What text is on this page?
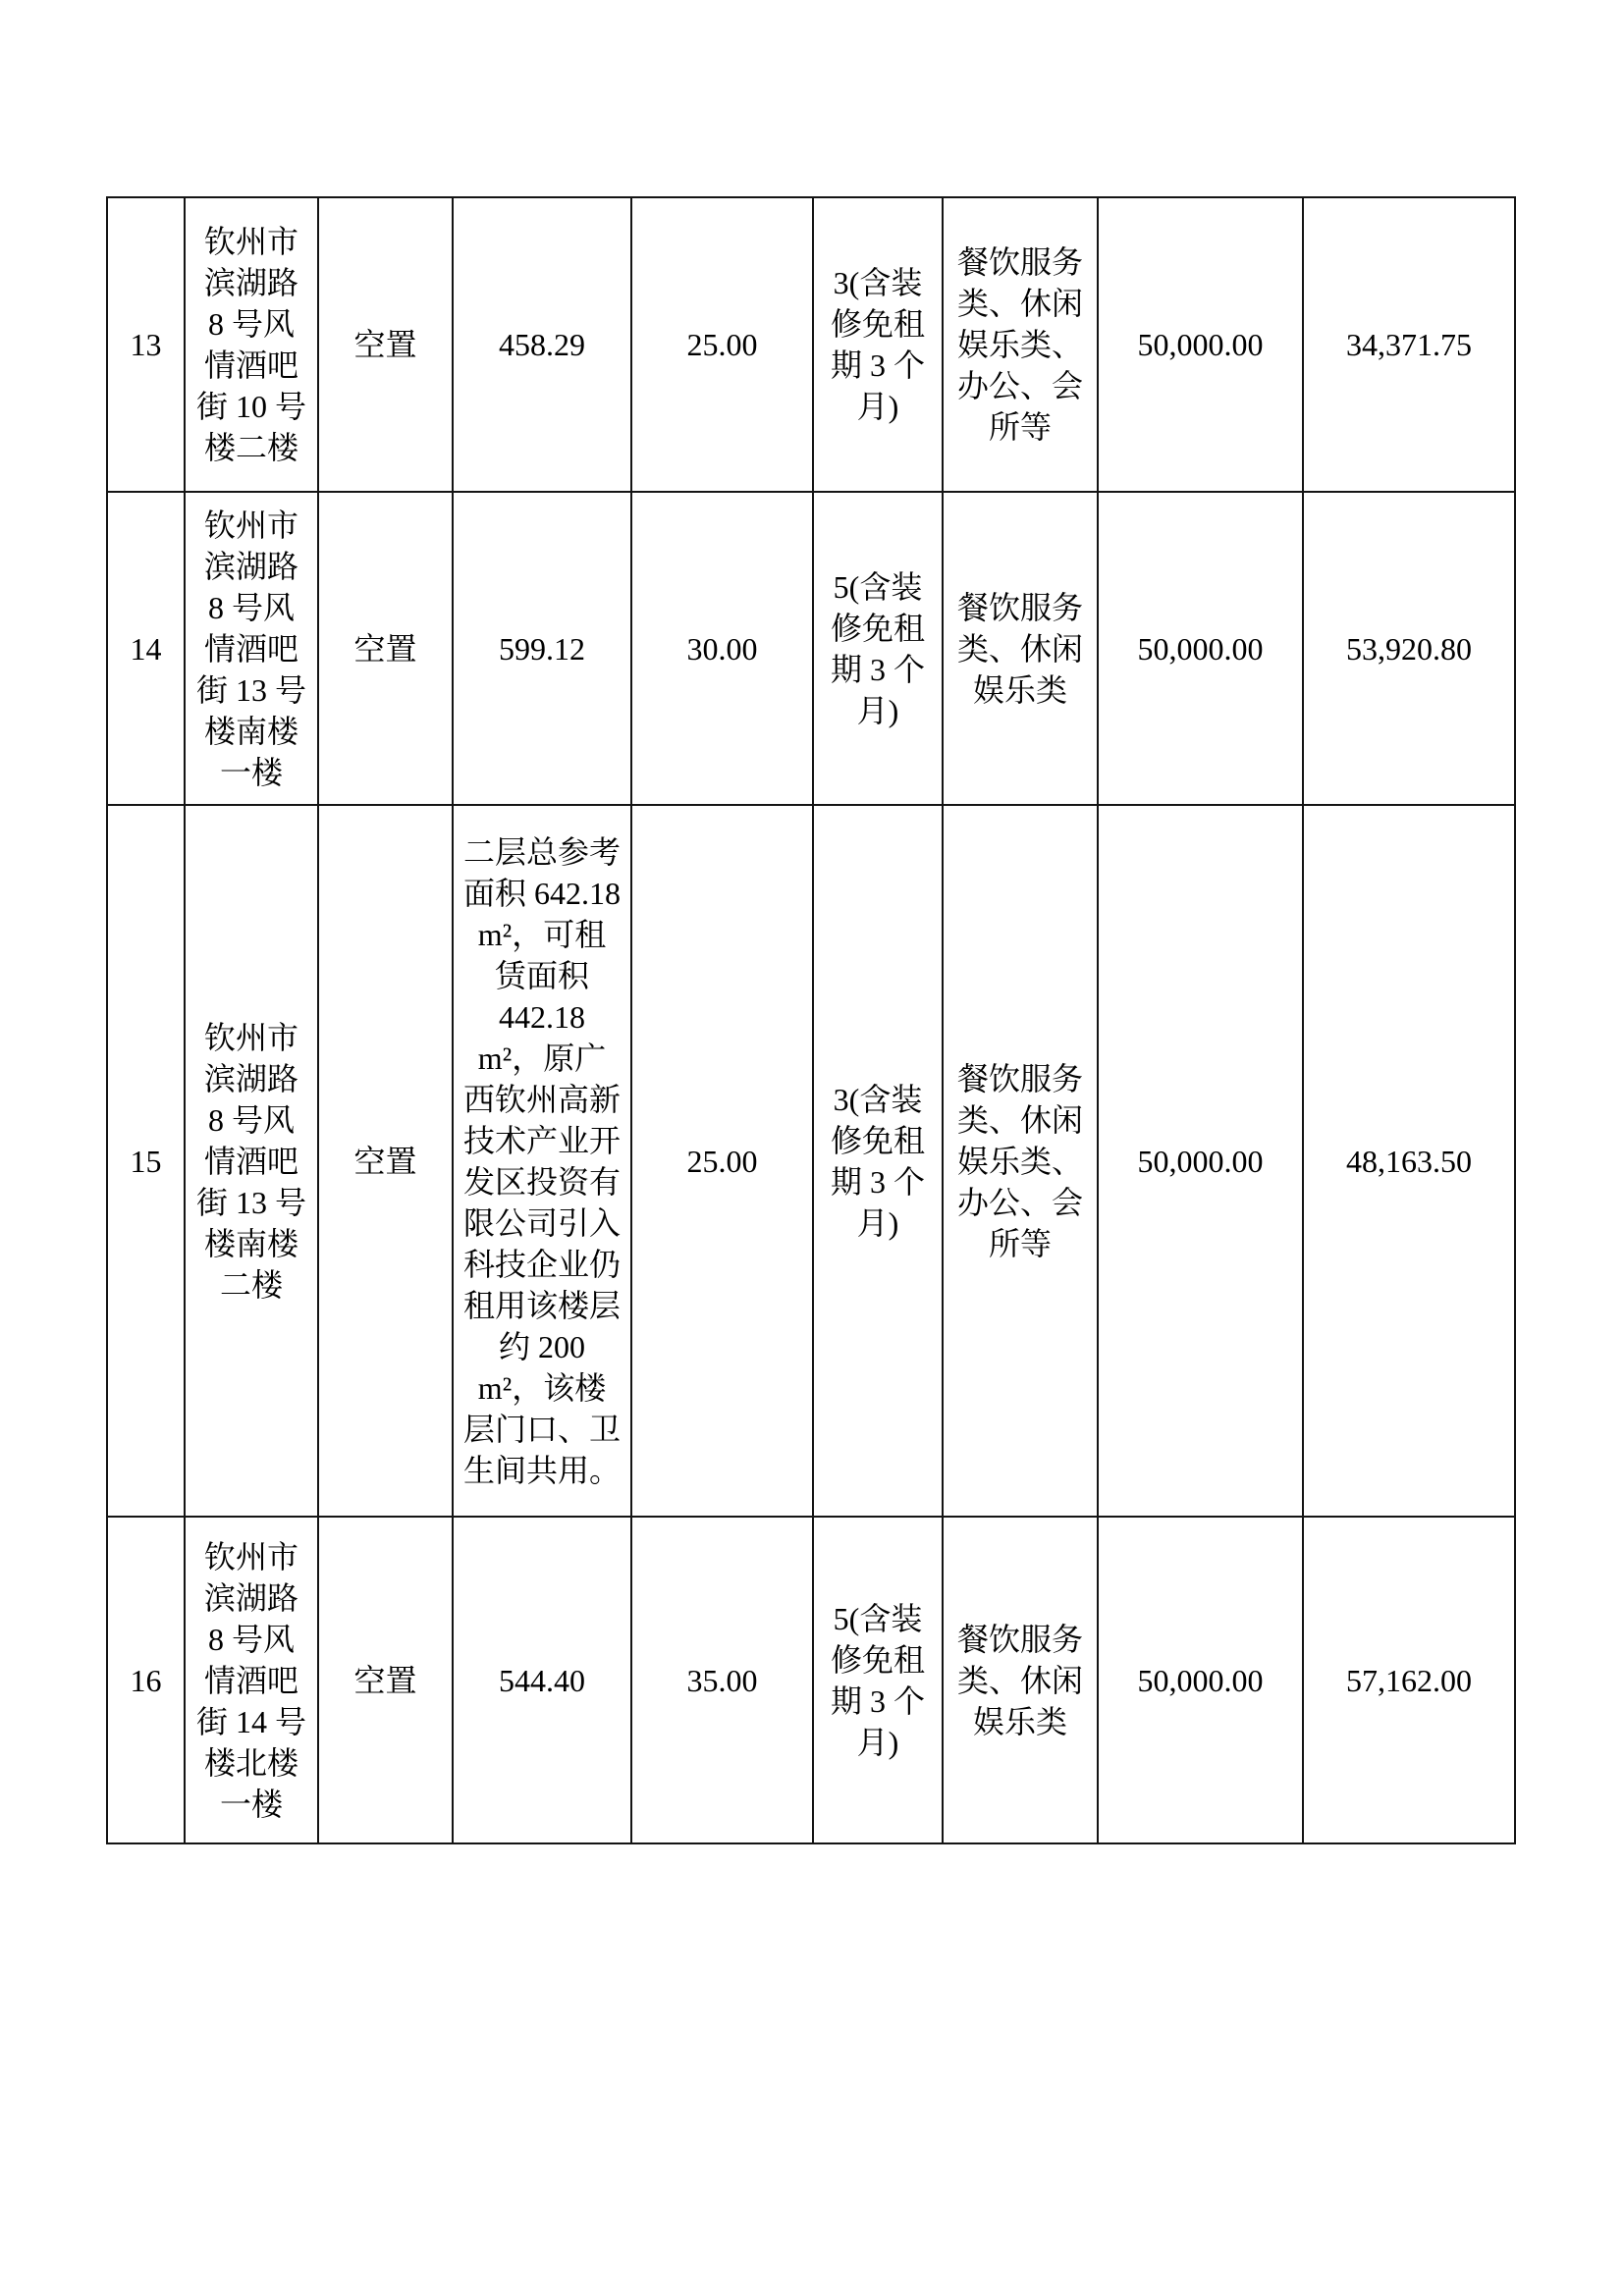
13	钦州市滨湖路 8 号风情酒吧街 10 号楼二楼	空置	458.29	25.00	3(含装修免租期 3 个月)	餐饮服务类、休闲娱乐类、办公、会所等	50,000.00	34,371.75
14	钦州市滨湖路 8 号风情酒吧街 13 号楼南楼一楼	空置	599.12	30.00	5(含装修免租期 3 个月)	餐饮服务类、休闲娱乐类	50,000.00	53,920.80
15	钦州市滨湖路 8 号风情酒吧街 13 号楼南楼二楼	空置	二层总参考面积 642.18 m²，可租赁面积 442.18 m²，原广西钦州高新技术产业开发区投资有限公司引入科技企业仍租用该楼层约 200 m²，该楼层门口、卫生间共用。	25.00	3(含装修免租期 3 个月)	餐饮服务类、休闲娱乐类、办公、会所等	50,000.00	48,163.50
16	钦州市滨湖路 8 号风情酒吧街 14 号楼北楼一楼	空置	544.40	35.00	5(含装修免租期 3 个月)	餐饮服务类、休闲娱乐类	50,000.00	57,162.00
